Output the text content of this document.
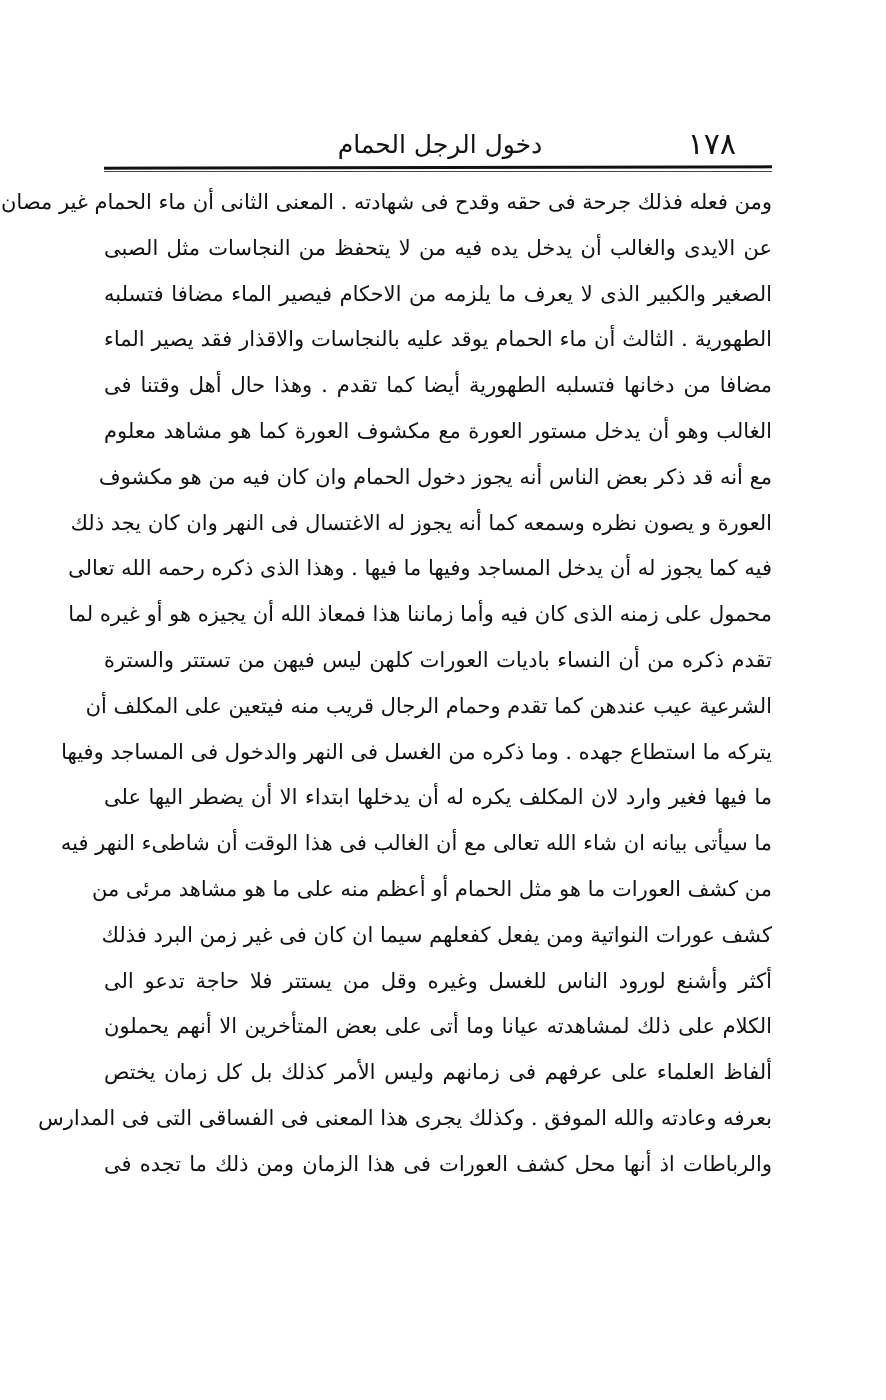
١٧٨
دخول الرجل الحمام
ومن فعله فذلك جرحة فى حقه وقدح فى شهادته . المعنى الثانى أن ماء الحمام غير مصان
عن الايدى والغالب أن يدخل يده فيه من لا يتحفظ من النجاسات مثل الصبى
الصغير والكبير الذى لا يعرف ما يلزمه من الاحكام فيصير الماء مضافا فتسلبه
الطهورية . الثالث أن ماء الحمام يوقد عليه بالنجاسات والاقذار فقد يصير الماء
مضافا من دخانها فتسلبه الطهورية أيضا كما تقدم . وهذا حال أهل وقتنا فى
الغالب وهو أن يدخل مستور العورة مع مكشوف العورة كما هو مشاهد معلوم
مع أنه قد ذكر بعض الناس أنه يجوز دخول الحمام وان كان فيه من هو مكشوف
العورة و يصون نظره وسمعه كما أنه يجوز له الاغتسال فى النهر وان كان يجد ذلك
فيه كما يجوز له أن يدخل المساجد وفيها ما فيها . وهذا الذى ذكره رحمه الله تعالى
محمول على زمنه الذى كان فيه وأما زماننا هذا فمعاذ الله أن يجيزه هو أو غيره لما
تقدم ذكره من أن النساء باديات العورات كلهن ليس فيهن من تستتر والسترة
الشرعية عيب عندهن كما تقدم وحمام الرجال قريب منه فيتعين على المكلف أن
يتركه ما استطاع جهده . وما ذكره من الغسل فى النهر والدخول فى المساجد وفيها
ما فيها فغير وارد لان المكلف يكره له أن يدخلها ابتداء الا أن يضطر اليها على
ما سيأتى بيانه ان شاء الله تعالى مع أن الغالب فى هذا الوقت أن شاطىء النهر فيه
من كشف العورات ما هو مثل الحمام أو أعظم منه على ما هو مشاهد مرئى من
كشف عورات النواتية ومن يفعل كفعلهم سيما ان كان فى غير زمن البرد فذلك
أكثر وأشنع لورود الناس للغسل وغيره وقل من يستتر فلا حاجة تدعو الى
الكلام على ذلك لمشاهدته عيانا وما أتى على بعض المتأخرين الا أنهم يحملون
ألفاظ العلماء على عرفهم فى زمانهم وليس الأمر كذلك بل كل زمان يختص
بعرفه وعادته والله الموفق . وكذلك يجرى هذا المعنى فى الفساقى التى فى المدارس
والرباطات اذ أنها محل كشف العورات فى هذا الزمان ومن ذلك ما تجده فى
